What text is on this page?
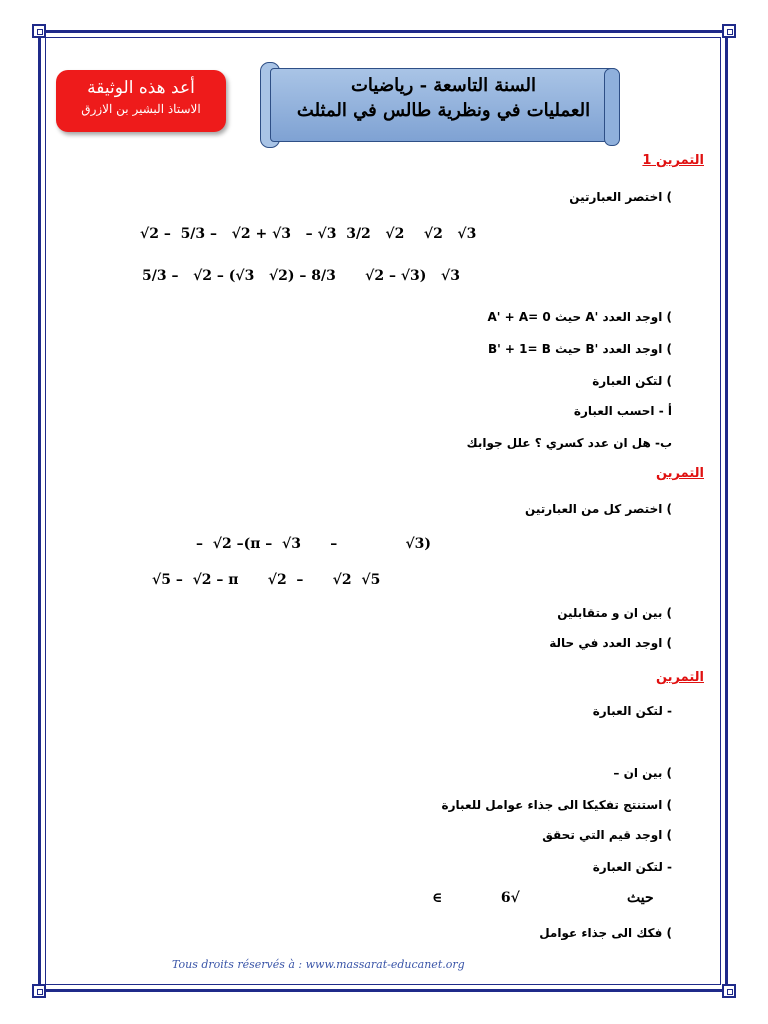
أعد هذه الوثيقة
الاستاذ البشير بن الازرق
السنة التاسعة - رياضيات
العمليات في ونظرية طالس في المثلث
التمرين 1
) اختصر العبارتين
√2 –  5/3 –   √2 + √3   – √3  3/2   √2    √2   √3
5/3 –   √2 – (√3   √2) – 8/3      √2 – √3)   √3
) اوجد العدد 'A حيث A' + A= 0
) اوجد العدد 'B حيث B' + 1= B
) لتكن العبارة
أ - احسب العبارة
ب- هل ان عدد كسري ؟ علل جوابك
التمرين
) اختصر كل من العبارتين
–  √2 –(π –  √3      –              √3)
√5 –  √2 – π      √2  –      √2  √5
) بين ان و متقابلين
) اوجد العدد في حالة
التمرين
- لتكن العبارة
) بين ان –
) استنتج تفكيكا الى جذاء عوامل للعبارة
) اوجد قيم التي تحقق
- لتكن العبارة
∈            حيث                      √6
) فكك الى جذاء عوامل
Tous droits réservés à : www.massarat-educanet.org
